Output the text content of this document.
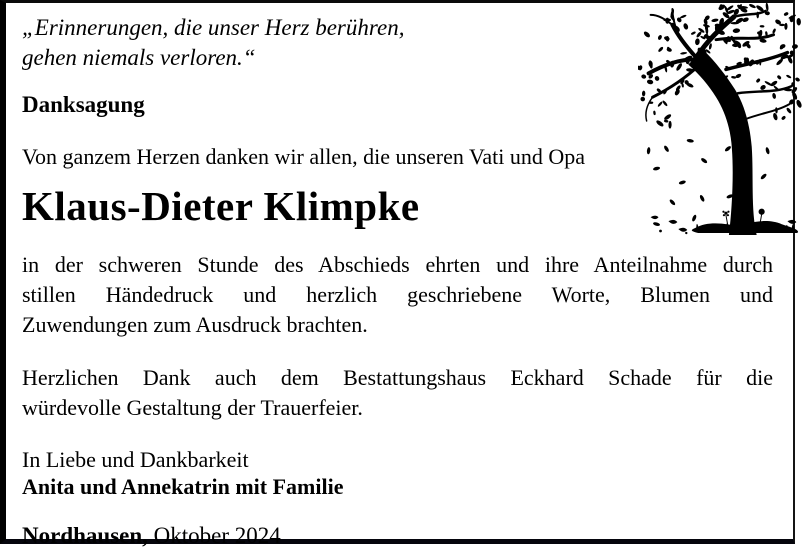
„Erinnerungen, die unser Herz berühren,
gehen niemals verloren.“
Danksagung
Von ganzem Herzen danken wir allen, die unseren Vati und Opa
Klaus-Dieter Klimpke
in der schweren Stunde des Abschieds ehrten und ihre Anteilnahme durch
stillen Händedruck und herzlich geschriebene Worte, Blumen und
Zuwendungen zum Ausdruck brachten.
Herzlichen Dank auch dem Bestattungshaus Eckhard Schade für die
würdevolle Gestaltung der Trauerfeier.
In Liebe und Dankbarkeit
Anita und Annekatrin mit Familie
Nordhausen, Oktober 2024
